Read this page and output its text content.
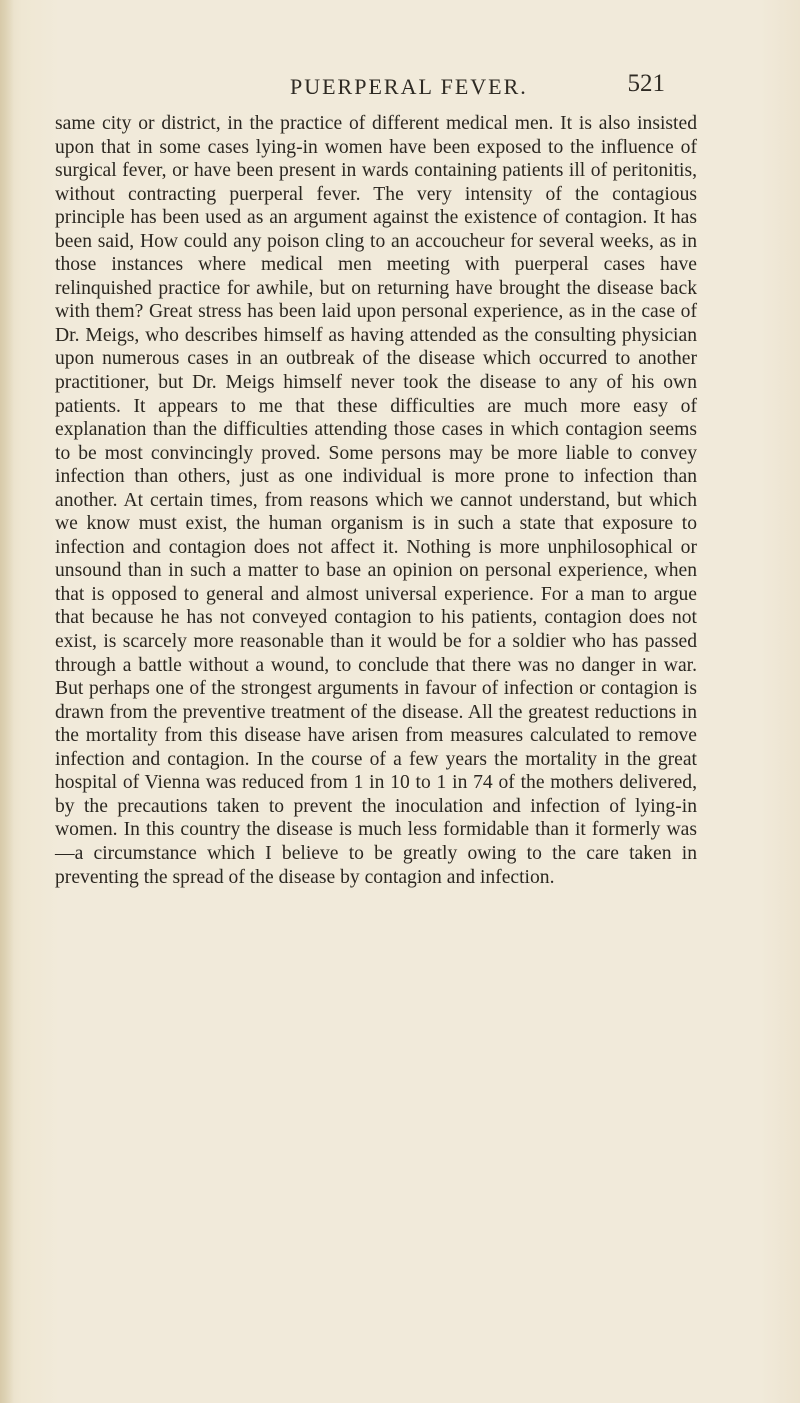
PUERPERAL FEVER.	521

same city or district, in the practice of different medical men. It is also insisted upon that in some cases lying-in women have been exposed to the influence of surgical fever, or have been present in wards containing patients ill of peritonitis, without contracting puerperal fever. The very intensity of the contagious principle has been used as an argument against the existence of contagion. It has been said, How could any poison cling to an accoucheur for several weeks, as in those instances where medical men meeting with puerperal cases have relinquished practice for awhile, but on returning have brought the disease back with them? Great stress has been laid upon personal experience, as in the case of Dr. Meigs, who describes himself as having attended as the consulting physician upon numerous cases in an outbreak of the disease which occurred to another practitioner, but Dr. Meigs himself never took the disease to any of his own patients. It appears to me that these difficulties are much more easy of explanation than the difficulties attending those cases in which contagion seems to be most convincingly proved. Some persons may be more liable to convey infection than others, just as one individual is more prone to infection than another. At certain times, from reasons which we cannot understand, but which we know must exist, the human organism is in such a state that exposure to infection and contagion does not affect it. Nothing is more unphilosophical or unsound than in such a matter to base an opinion on personal experience, when that is opposed to general and almost universal experience. For a man to argue that because he has not conveyed contagion to his patients, contagion does not exist, is scarcely more reasonable than it would be for a soldier who has passed through a battle without a wound, to conclude that there was no danger in war. But perhaps one of the strongest arguments in favour of infection or contagion is drawn from the preventive treatment of the disease. All the greatest reductions in the mortality from this disease have arisen from measures calculated to remove infection and contagion. In the course of a few years the mortality in the great hospital of Vienna was reduced from 1 in 10 to 1 in 74 of the mothers delivered, by the precautions taken to prevent the inoculation and infection of lying-in women. In this country the disease is much less formidable than it formerly was—a circumstance which I believe to be greatly owing to the care taken in preventing the spread of the disease by contagion and infection.
